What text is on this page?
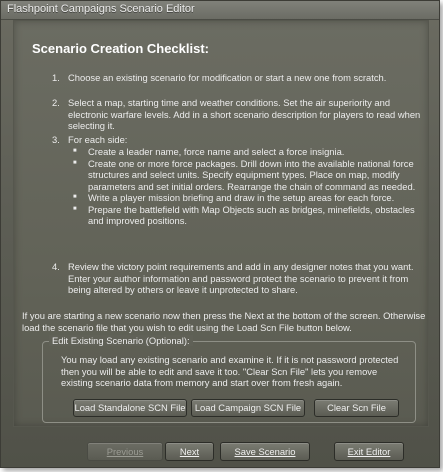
Flashpoint Campaigns Scenario Editor
Scenario Creation Checklist:
1. Choose an existing scenario for modification or start a new one from scratch.
2. Select a map, starting time and weather conditions. Set the air superiority and electronic warfare levels. Add in a short scenario description for players to read when selecting it.
3. For each side:
■ Create a leader name, force name and select a force insignia.
■ Create one or more force packages. Drill down into the available national force structures and select units. Specify equipment types. Place on map, modify parameters and set initial orders. Rearrange the chain of command as needed.
■ Write a player mission briefing and draw in the setup areas for each force.
■ Prepare the battlefield with Map Objects such as bridges, minefields, obstacles and improved positions.
4. Review the victory point requirements and add in any designer notes that you want. Enter your author information and password protect the scenario to prevent it from being altered by others or leave it unprotected to share.
If you are starting a new scenario now then press the Next at the bottom of the screen. Otherwise load the scenario file that you wish to edit using the Load Scn File button below.
Edit Existing Scenario (Optional):
You may load any existing scenario and examine it. If it is not password protected then you will be able to edit and save it too. "Clear Scn File" lets you remove existing scenario data from memory and start over from fresh again.
Load Standalone SCN File Load Campaign SCN File	Clear Scn File
Previous	Next	Save Scenario	Exit Editor
